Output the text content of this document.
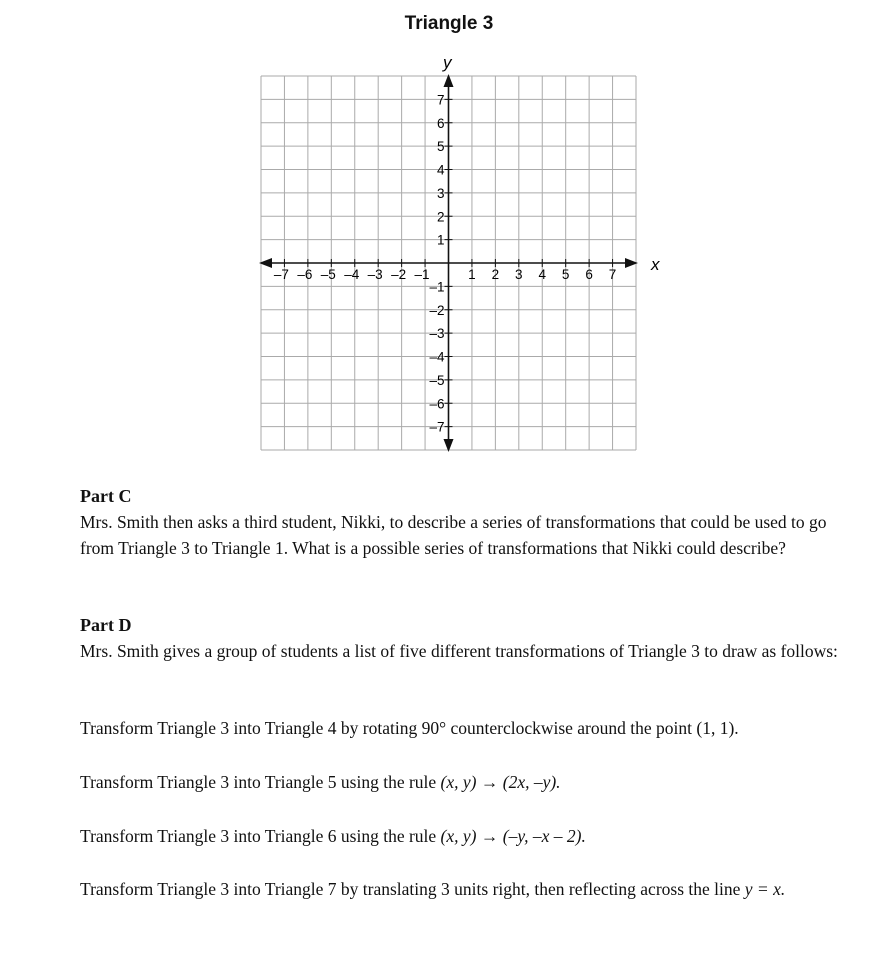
Triangle 3
–7 –6 –5 –4 –3 –2 –1	1 2 3 4 5 6 7
7
6
5
4
3
2
1
–1
–2
–3
–4
–5
–6
–7
x
y
Part C

Mrs. Smith then asks a third student, Nikki, to describe a series of transformations that could be used to go from Triangle 3 to Triangle 1. What is a possible series of transformations that Nikki could describe?

Part D

Mrs. Smith gives a group of students a list of five different transformations of Triangle 3 to draw as follows:

Transform Triangle 3 into Triangle 4 by rotating 90° counterclockwise around the point (1, 1).

Transform Triangle 3 into Triangle 5 using the rule (x, y) → (2x, –y).

Transform Triangle 3 into Triangle 6 using the rule (x, y) → (–y, –x – 2).

Transform Triangle 3 into Triangle 7 by translating 3 units right, then reflecting across the line y = x.
